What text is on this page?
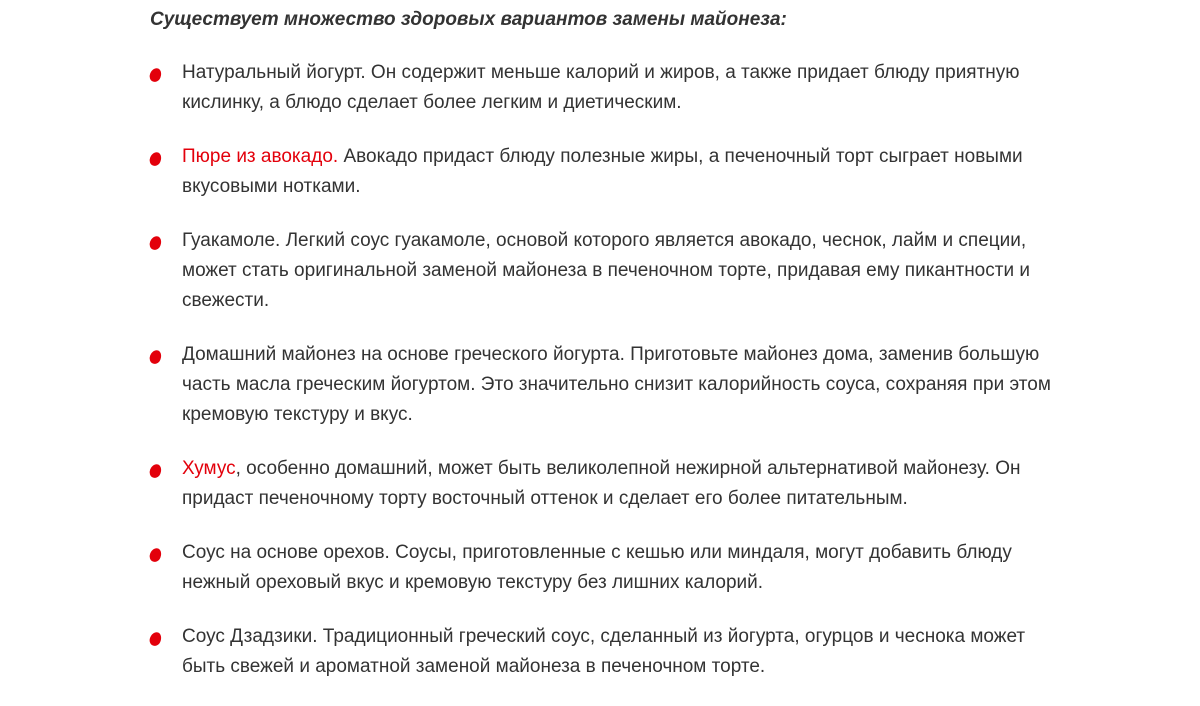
Существует множество здоровых вариантов замены майонеза:

Натуральный йогурт. Он содержит меньше калорий и жиров, а также придает блюду приятную кислинку, а блюдо сделает более легким и диетическим.
Пюре из авокадо. Авокадо придаст блюду полезные жиры, а печеночный торт сыграет новыми вкусовыми нотками.
Гуакамоле. Легкий соус гуакамоле, основой которого является авокадо, чеснок, лайм и специи, может стать оригинальной заменой майонеза в печеночном торте, придавая ему пикантности и свежести.
Домашний майонез на основе греческого йогурта. Приготовьте майонез дома, заменив большую часть масла греческим йогуртом. Это значительно снизит калорийность соуса, сохраняя при этом кремовую текстуру и вкус.
Хумус, особенно домашний, может быть великолепной нежирной альтернативой майонезу. Он придаст печеночному торту восточный оттенок и сделает его более питательным.
Соус на основе орехов. Соусы, приготовленные с кешью или миндаля, могут добавить блюду нежный ореховый вкус и кремовую текстуру без лишних калорий.
Соус Дзадзики. Традиционный греческий соус, сделанный из йогурта, огурцов и чеснока может быть свежей и ароматной заменой майонеза в печеночном торте.
